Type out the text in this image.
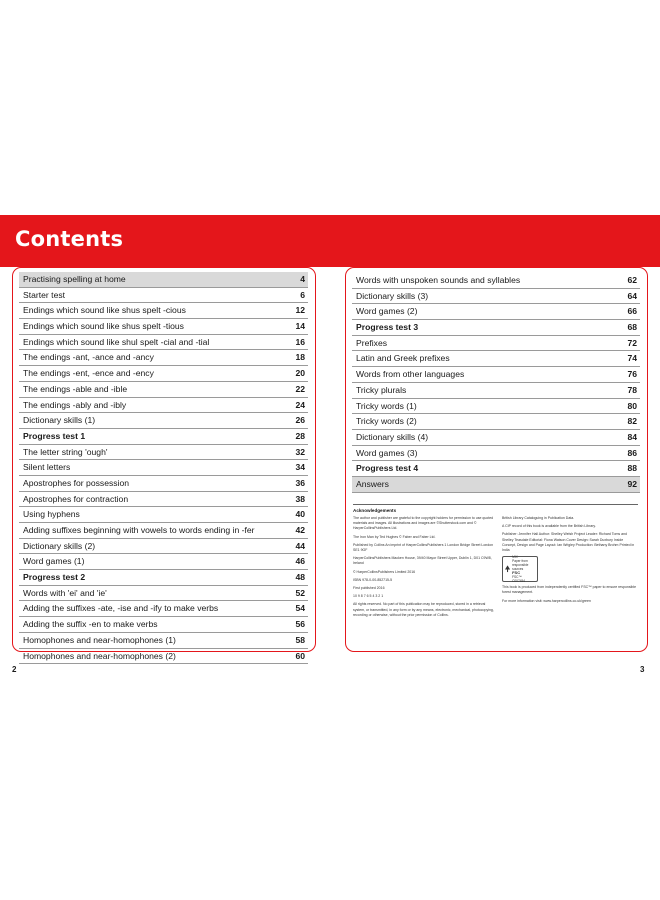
Contents
Practising spelling at home	4
Starter test	6
Endings which sound like shus spelt -cious	12
Endings which sound like shus spelt -tious	14
Endings which sound like shul spelt -cial and -tial	16
The endings -ant, -ance and -ancy	18
The endings -ent, -ence and -ency	20
The endings -able and -ible	22
The endings -ably and -ibly	24
Dictionary skills (1)	26
Progress test 1	28
The letter string 'ough'	32
Silent letters	34
Apostrophes for possession	36
Apostrophes for contraction	38
Using hyphens	40
Adding suffixes beginning with vowels to words ending in -fer	42
Dictionary skills (2)	44
Word games (1)	46
Progress test 2	48
Words with 'ei' and 'ie'	52
Adding the suffixes -ate, -ise and -ify to make verbs	54
Adding the suffix -en to make verbs	56
Homophones and near-homophones (1)	58
Homophones and near-homophones (2)	60
Words with unspoken sounds and syllables	62
Dictionary skills (3)	64
Word games (2)	66
Progress test 3	68
Prefixes	72
Latin and Greek prefixes	74
Words from other languages	76
Tricky plurals	78
Tricky words (1)	80
Tricky words (2)	82
Dictionary skills (4)	84
Word games (3)	86
Progress test 4	88
Answers	92
Acknowledgements

The author and publisher are grateful to the copyright holders for permission to use quoted materials and images. All illustrations and images are ©Shutterstock.com and © HarperCollinsPublishers Ltd.

The Iron Man by Ted Hughes © Faber and Faber Ltd.

Published by Collins An imprint of HarperCollinsPublishers 1 London Bridge Street London SE1 9GF

HarperCollinsPublishers Macken House, 39/40 Mayor Street Upper, Dublin 1, D01 C9W8, Ireland

© HarperCollinsPublishers Limited 2016

ISBN 978-0-00-852715-5

First published 2016

10 9 8 7 6 5 4 3 2 1

All rights reserved. No part of this publication may be reproduced, stored in a retrieval system, or transmitted, in any form or by any means, electronic, mechanical, photocopying, recording or otherwise, without the prior permission of Collins.

British Library Cataloguing in Publication Data.

A CIP record of this book is available from the British Library.

Publisher: Jennifer Hall Author: Shelley Welsh Project Leader: Richard Toms and Shelley Teasdale Editorial: Fiona Watson Cover Design: Sarah Duxbury Inside Concept, Design and Page Layout: Ian Wrigley Production: Bethany Brohm Printed in India

MIX
Paper from responsible sources
FSC
FSC™ C007454

This book is produced from independently certified FSC™ paper to ensure responsible forest management.

For more information visit: www.harpercollins.co.uk/green

2	3
